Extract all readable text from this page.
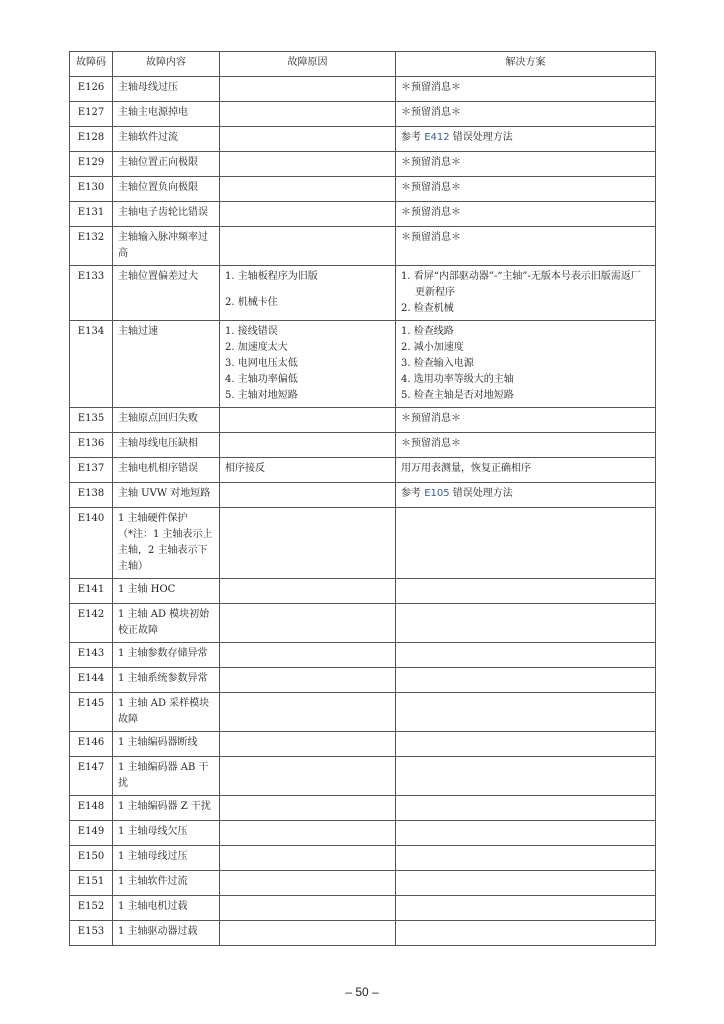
故障码	故障内容	故障原因	解决方案
E126	主轴母线过压		＊预留消息＊
E127	主轴主电源掉电		＊预留消息＊
E128	主轴软件过流		参考 E412 错误处理方法
E129	主轴位置正向极限		＊预留消息＊
E130	主轴位置负向极限		＊预留消息＊
E131	主轴电子齿轮比错误		＊预留消息＊
E132	主轴输入脉冲频率过高		＊预留消息＊
E133	主轴位置偏差过大	1. 主轴板程序为旧版
2. 机械卡住	1. 看屏“内部驱动器”-“主轴”-无版本号表示旧版需返厂更新程序
2. 检查机械

E134	主轴过速	1. 接线错误
2. 加速度太大
3. 电网电压太低
4. 主轴功率偏低
5. 主轴对地短路	1. 检查线路
2. 减小加速度
3. 检查输入电源
4. 选用功率等级大的主轴
5. 检查主轴是否对地短路

E135	主轴原点回归失败		＊预留消息＊
E136	主轴母线电压缺相		＊预留消息＊
E137	主轴电机相序错误	相序接反	用万用表测量，恢复正确相序
E138	主轴 UVW 对地短路		参考 E105 错误处理方法
E140	1 主轴硬件保护
（*注：1 主轴表示上主轴，2 主轴表示下主轴）		

E141	1 主轴 HOC		

E142	1 主轴 AD 模块初始校正故障		

E143	1 主轴参数存储异常		

E144	1 主轴系统参数异常		

E145	1 主轴 AD 采样模块故障		

E146	1 主轴编码器断线		

E147	1 主轴编码器 AB 干扰		

E148	1 主轴编码器 Z 干扰		

E149	1 主轴母线欠压		

E150	1 主轴母线过压		

E151	1 主轴软件过流		

E152	1 主轴电机过载		

E153	1 主轴驱动器过载		

– 50 –
